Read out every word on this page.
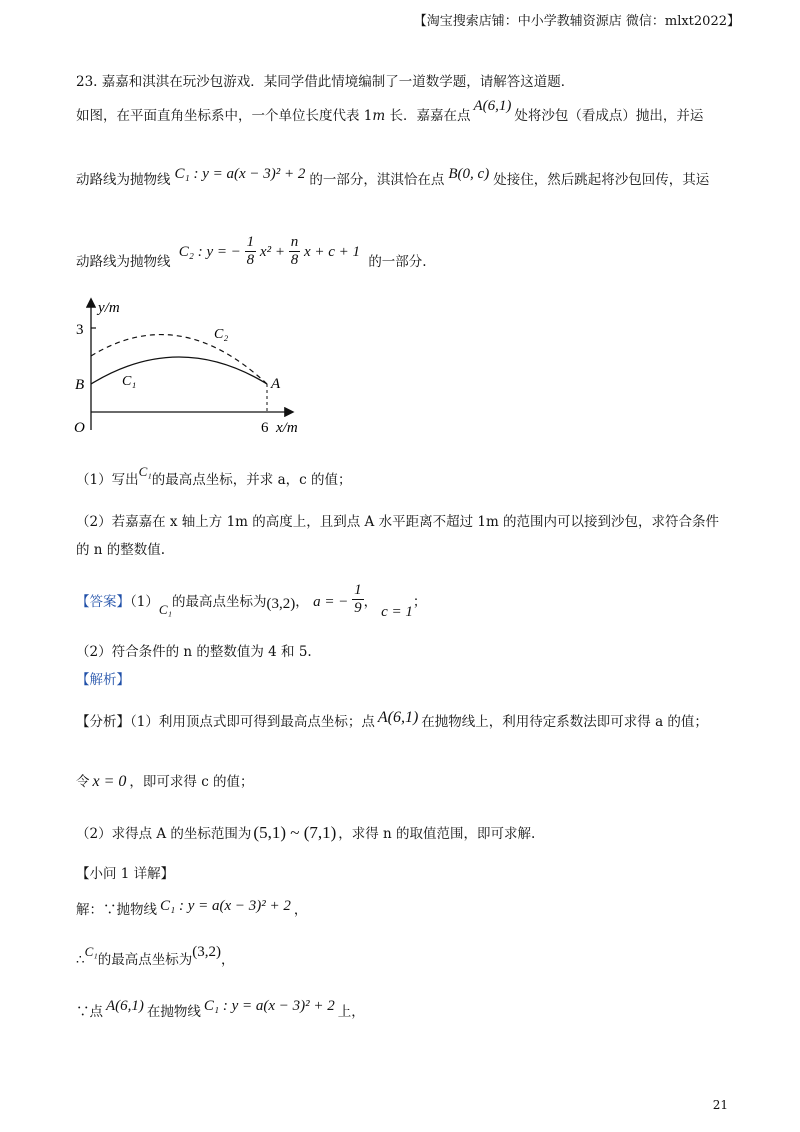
【淘宝搜索店铺：中小学教辅资源店 微信：mlxt2022】
23. 嘉嘉和淇淇在玩沙包游戏．某同学借此情境编制了一道数学题，请解答这道题．
如图，在平面直角坐标系中，一个单位长度代表 1m 长．嘉嘉在点A(6,1)处将沙包（看成点）抛出，并运
动路线为抛物线 C₁ : y = a(x − 3)² + 2 的一部分，淇淇恰在点 B(0, c) 处接住，然后跳起将沙包回传，其运
动路线为抛物线 C₂ : y = − $\frac{1}{8} x^2 + \frac{n}{8}$ x + c + 1 的一部分.
y/m
3
B	C₁
C₂
A
O	6 x/m
（1）写出C₁的最高点坐标，并求 a，c 的值；
（2）若嘉嘉在 x 轴上方 1m 的高度上，且到点 A 水平距离不超过 1m 的范围内可以接到沙包，求符合条件
的 n 的整数值.
【答案】（1）C₁的最高点坐标为(3,2)， a = − $\frac{1}{9}$ ，c = 1；
（2）符合条件的 n 的整数值为 4 和 5.
【解析】
【分析】（1）利用顶点式即可得到最高点坐标；点 A(6,1) 在抛物线上，利用待定系数法即可求得 a 的值；
令 x = 0 ，即可求得 c 的值；
（2）求得点 A 的坐标范围为 (5,1) ~ (7,1) ，求得 n 的取值范围，即可求解.
【小问 1 详解】
解：∵抛物线 C₁ : y = a(x − 3)² + 2 ，
∴C₁的最高点坐标为(3,2)，
∵点 A(6,1) 在抛物线 C₁ : y = a(x − 3)² + 2 上，
21
